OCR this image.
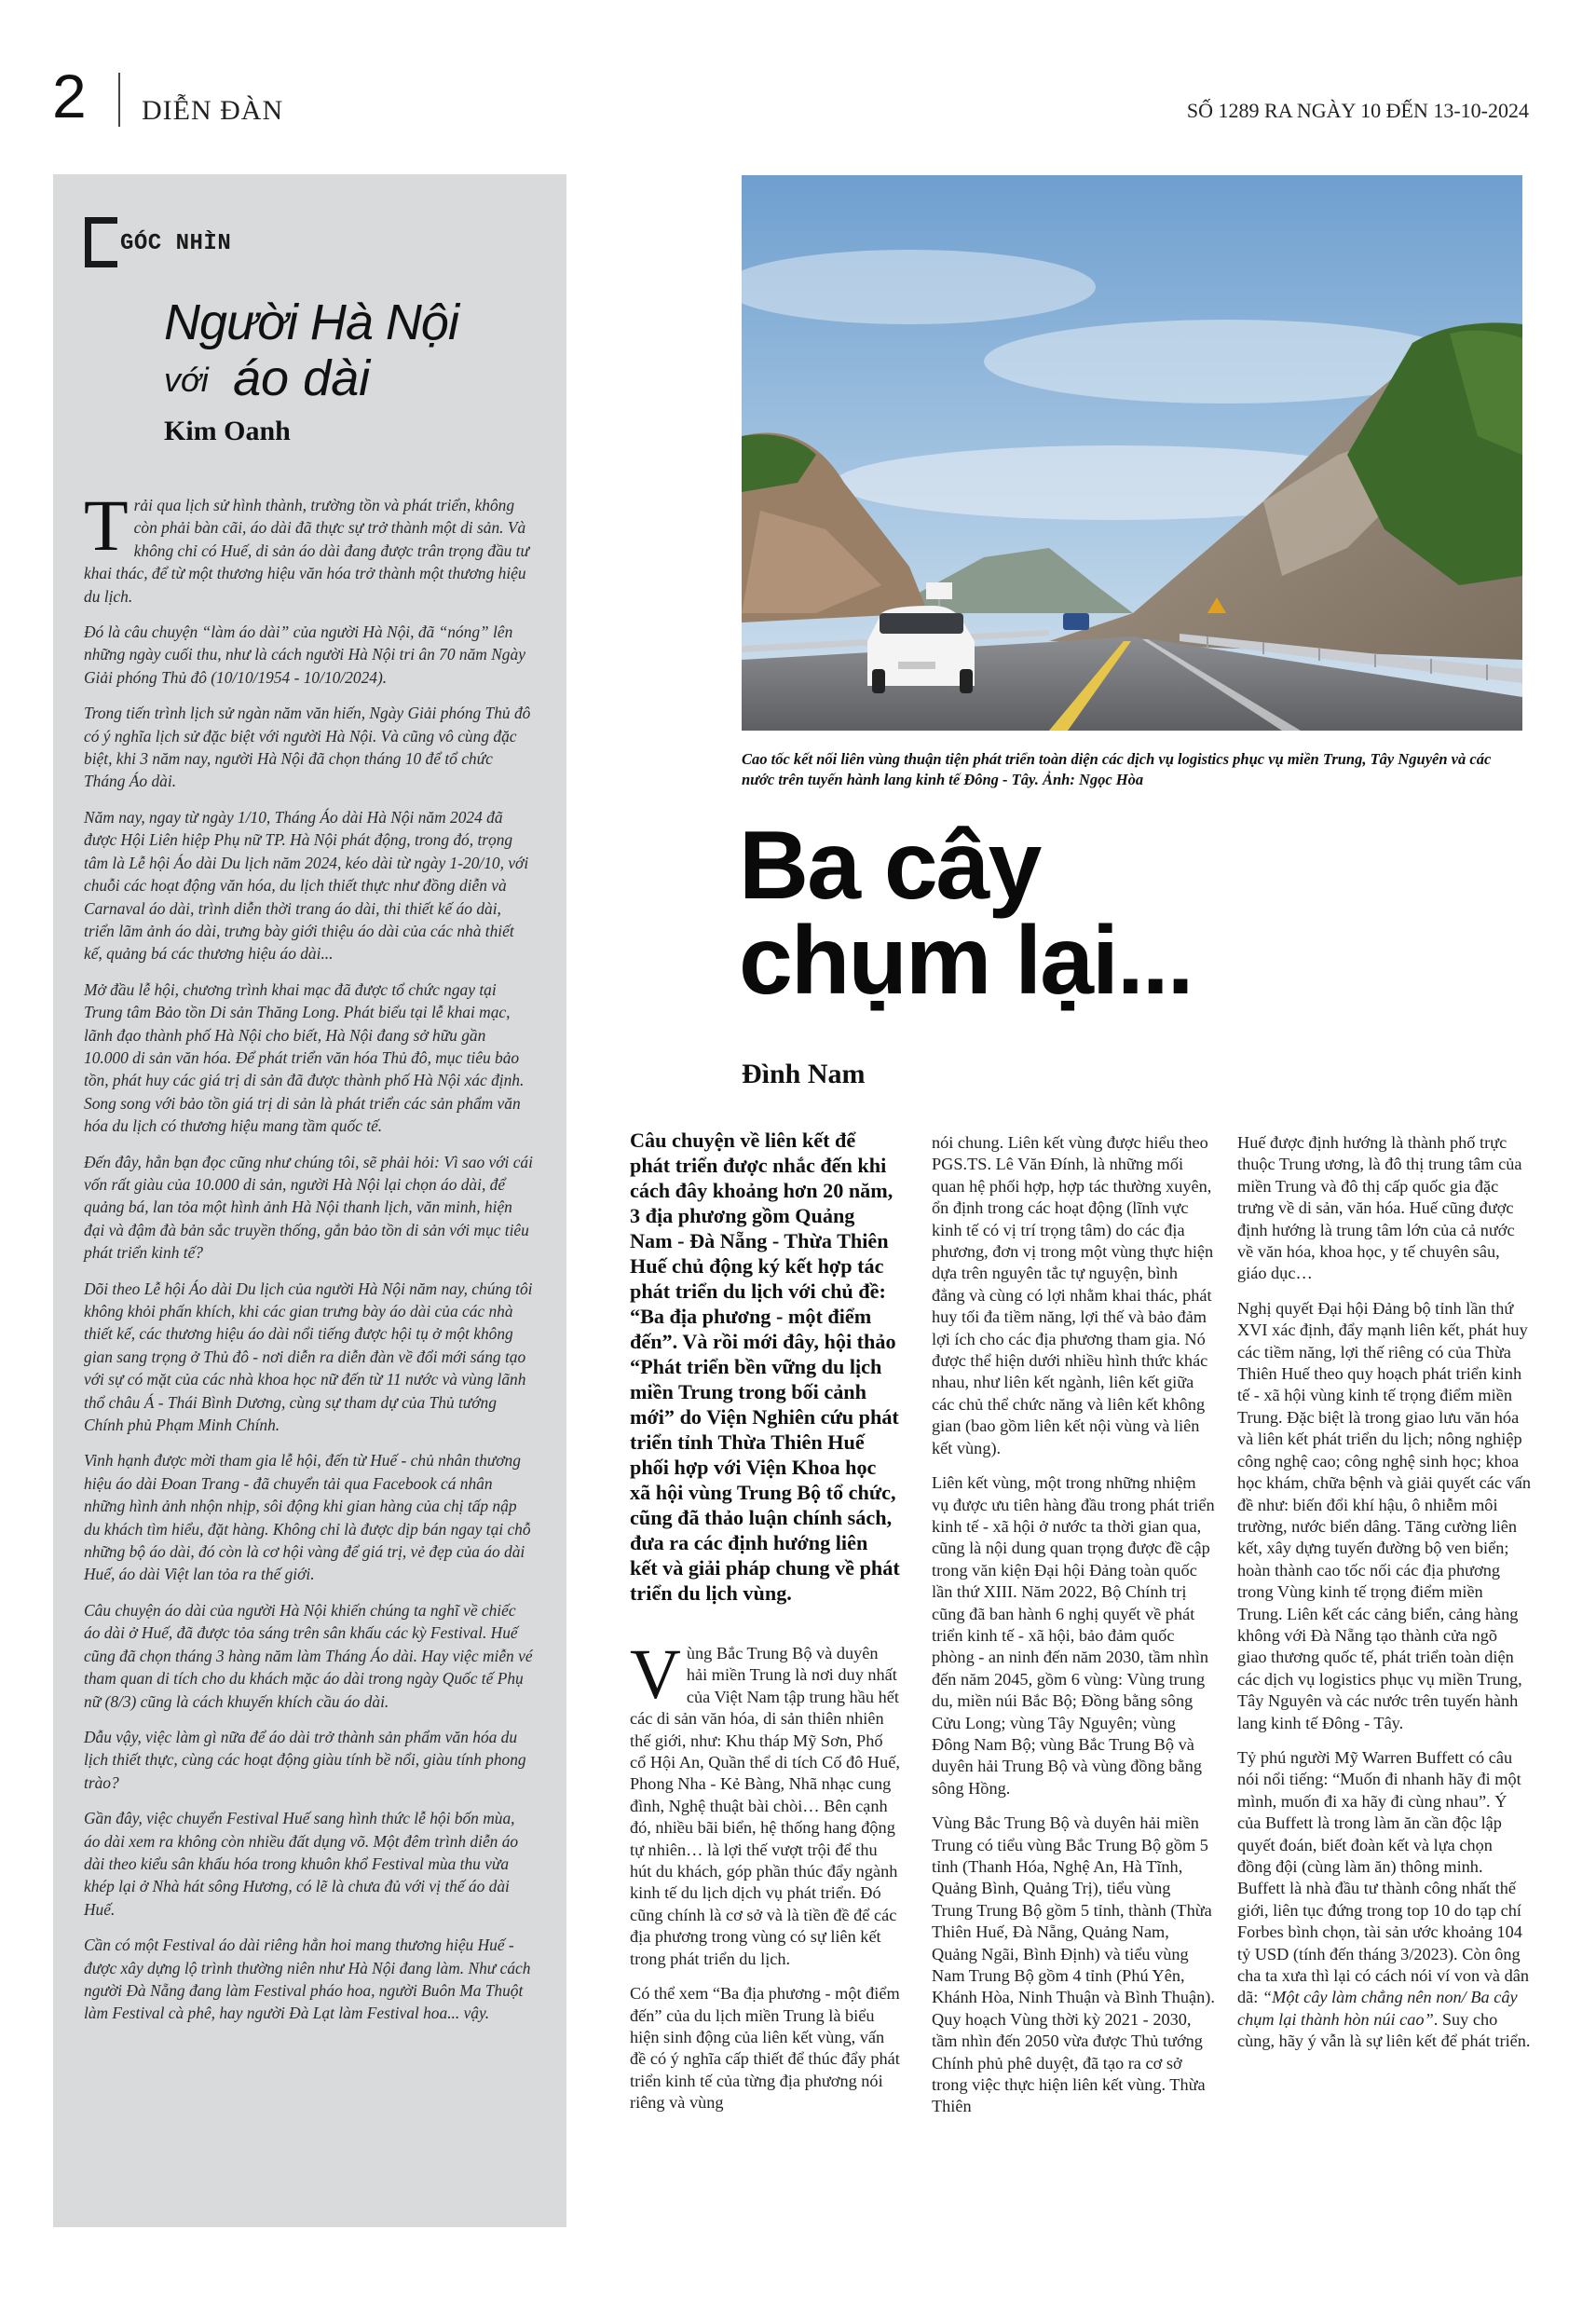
2 DIỄN ĐÀN	SỐ 1289 RA NGÀY 10 ĐẾN 13-10-2024
GÓC NHÌN
Người Hà Nội
với áo dài
Kim Oanh

Trải qua lịch sử hình thành, trường tồn và phát triển, không còn phải bàn cãi, áo dài đã thực sự trở thành một di sản. Và không chỉ có Huế, di sản áo dài đang được trân trọng đầu tư khai thác, để từ một thương hiệu văn hóa trở thành một thương hiệu du lịch.

Đó là câu chuyện “làm áo dài” của người Hà Nội, đã “nóng” lên những ngày cuối thu, như là cách người Hà Nội tri ân 70 năm Ngày Giải phóng Thủ đô (10/10/1954 - 10/10/2024).

Trong tiến trình lịch sử ngàn năm văn hiến, Ngày Giải phóng Thủ đô có ý nghĩa lịch sử đặc biệt với người Hà Nội. Và cũng vô cùng đặc biệt, khi 3 năm nay, người Hà Nội đã chọn tháng 10 để tổ chức Tháng Áo dài.

Năm nay, ngay từ ngày 1/10, Tháng Áo dài Hà Nội năm 2024 đã được Hội Liên hiệp Phụ nữ TP. Hà Nội phát động, trong đó, trọng tâm là Lễ hội Áo dài Du lịch năm 2024, kéo dài từ ngày 1-20/10, với chuỗi các hoạt động văn hóa, du lịch thiết thực như đồng diễn và Carnaval áo dài, trình diễn thời trang áo dài, thi thiết kế áo dài, triển lãm ảnh áo dài, trưng bày giới thiệu áo dài của các nhà thiết kế, quảng bá các thương hiệu áo dài...

Mở đầu lễ hội, chương trình khai mạc đã được tổ chức ngay tại Trung tâm Bảo tồn Di sản Thăng Long. Phát biểu tại lễ khai mạc, lãnh đạo thành phố Hà Nội cho biết, Hà Nội đang sở hữu gần 10.000 di sản văn hóa. Để phát triển văn hóa Thủ đô, mục tiêu bảo tồn, phát huy các giá trị di sản đã được thành phố Hà Nội xác định. Song song với bảo tồn giá trị di sản là phát triển các sản phẩm văn hóa du lịch có thương hiệu mang tầm quốc tế.

Đến đây, hẳn bạn đọc cũng như chúng tôi, sẽ phải hỏi: Vì sao với cái vốn rất giàu của 10.000 di sản, người Hà Nội lại chọn áo dài, để quảng bá, lan tỏa một hình ảnh Hà Nội thanh lịch, văn minh, hiện đại và đậm đà bản sắc truyền thống, gắn bảo tồn di sản với mục tiêu phát triển kinh tế?

Dõi theo Lễ hội Áo dài Du lịch của người Hà Nội năm nay, chúng tôi không khỏi phấn khích, khi các gian trưng bày áo dài của các nhà thiết kế, các thương hiệu áo dài nổi tiếng được hội tụ ở một không gian sang trọng ở Thủ đô - nơi diễn ra diễn đàn về đổi mới sáng tạo với sự có mặt của các nhà khoa học nữ đến từ 11 nước và vùng lãnh thổ châu Á - Thái Bình Dương, cùng sự tham dự của Thủ tướng Chính phủ Phạm Minh Chính.

Vinh hạnh được mời tham gia lễ hội, đến từ Huế - chủ nhân thương hiệu áo dài Đoan Trang - đã chuyển tải qua Facebook cá nhân những hình ảnh nhộn nhịp, sôi động khi gian hàng của chị tấp nập du khách tìm hiểu, đặt hàng. Không chỉ là được dịp bán ngay tại chỗ những bộ áo dài, đó còn là cơ hội vàng để giá trị, vẻ đẹp của áo dài Huế, áo dài Việt lan tỏa ra thế giới.

Câu chuyện áo dài của người Hà Nội khiến chúng ta nghĩ về chiếc áo dài ở Huế, đã được tỏa sáng trên sân khấu các kỳ Festival. Huế cũng đã chọn tháng 3 hàng năm làm Tháng Áo dài. Hay việc miễn vé tham quan di tích cho du khách mặc áo dài trong ngày Quốc tế Phụ nữ (8/3) cũng là cách khuyến khích cầu áo dài.

Dẫu vậy, việc làm gì nữa để áo dài trở thành sản phẩm văn hóa du lịch thiết thực, cùng các hoạt động giàu tính bề nổi, giàu tính phong trào?

Gần đây, việc chuyển Festival Huế sang hình thức lễ hội bốn mùa, áo dài xem ra không còn nhiều đất dụng võ. Một đêm trình diễn áo dài theo kiểu sân khấu hóa trong khuôn khổ Festival mùa thu vừa khép lại ở Nhà hát sông Hương, có lẽ là chưa đủ với vị thế áo dài Huế.

Cần có một Festival áo dài riêng hẳn hoi mang thương hiệu Huế - được xây dựng lộ trình thường niên như Hà Nội đang làm. Như cách người Đà Nẵng đang làm Festival pháo hoa, người Buôn Ma Thuột làm Festival cà phê, hay người Đà Lạt làm Festival hoa... vậy.

Cao tốc kết nối liên vùng thuận tiện phát triển toàn diện các dịch vụ logistics phục vụ miền Trung, Tây Nguyên và các nước trên tuyến hành lang kinh tế Đông - Tây. Ảnh: Ngọc Hòa
Ba cây
chụm lại...
Đình Nam

Câu chuyện về liên kết để phát triển được nhắc đến khi cách đây khoảng hơn 20 năm, 3 địa phương gồm Quảng Nam - Đà Nẵng - Thừa Thiên Huế chủ động ký kết hợp tác phát triển du lịch với chủ đề: “Ba địa phương - một điểm đến”. Và rồi mới đây, hội thảo “Phát triển bền vững du lịch miền Trung trong bối cảnh mới” do Viện Nghiên cứu phát triển tỉnh Thừa Thiên Huế phối hợp với Viện Khoa học xã hội vùng Trung Bộ tổ chức, cũng đã thảo luận chính sách, đưa ra các định hướng liên kết và giải pháp chung về phát triển du lịch vùng.

Vùng Bắc Trung Bộ và duyên hải miền Trung là nơi duy nhất của Việt Nam tập trung hầu hết các di sản văn hóa, di sản thiên nhiên thế giới, như: Khu tháp Mỹ Sơn, Phố cổ Hội An, Quần thể di tích Cố đô Huế, Phong Nha - Kẻ Bàng, Nhã nhạc cung đình, Nghệ thuật bài chòi… Bên cạnh đó, nhiều bãi biển, hệ thống hang động tự nhiên… là lợi thế vượt trội để thu hút du khách, góp phần thúc đẩy ngành kinh tế du lịch dịch vụ phát triển. Đó cũng chính là cơ sở và là tiền đề để các địa phương trong vùng có sự liên kết trong phát triển du lịch.

Có thể xem “Ba địa phương - một điểm đến” của du lịch miền Trung là biểu hiện sinh động của liên kết vùng, vấn đề có ý nghĩa cấp thiết để thúc đẩy phát triển kinh tế của từng địa phương nói riêng và vùng

nói chung. Liên kết vùng được hiểu theo PGS.TS. Lê Văn Đính, là những mối quan hệ phối hợp, hợp tác thường xuyên, ổn định trong các hoạt động (lĩnh vực kinh tế có vị trí trọng tâm) do các địa phương, đơn vị trong một vùng thực hiện dựa trên nguyên tắc tự nguyện, bình đẳng và cùng có lợi nhằm khai thác, phát huy tối đa tiềm năng, lợi thế và bảo đảm lợi ích cho các địa phương tham gia. Nó được thể hiện dưới nhiều hình thức khác nhau, như liên kết ngành, liên kết giữa các chủ thể chức năng và liên kết không gian (bao gồm liên kết nội vùng và liên kết vùng).

Liên kết vùng, một trong những nhiệm vụ được ưu tiên hàng đầu trong phát triển kinh tế - xã hội ở nước ta thời gian qua, cũng là nội dung quan trọng được đề cập trong văn kiện Đại hội Đảng toàn quốc lần thứ XIII. Năm 2022, Bộ Chính trị cũng đã ban hành 6 nghị quyết về phát triển kinh tế - xã hội, bảo đảm quốc phòng - an ninh đến năm 2030, tầm nhìn đến năm 2045, gồm 6 vùng: Vùng trung du, miền núi Bắc Bộ; Đồng bằng sông Cửu Long; vùng Tây Nguyên; vùng Đông Nam Bộ; vùng Bắc Trung Bộ và duyên hải Trung Bộ và vùng đồng bằng sông Hồng.

Vùng Bắc Trung Bộ và duyên hải miền Trung có tiểu vùng Bắc Trung Bộ gồm 5 tỉnh (Thanh Hóa, Nghệ An, Hà Tĩnh, Quảng Bình, Quảng Trị), tiểu vùng Trung Trung Bộ gồm 5 tỉnh, thành (Thừa Thiên Huế, Đà Nẵng, Quảng Nam, Quảng Ngãi, Bình Định) và tiểu vùng Nam Trung Bộ gồm 4 tỉnh (Phú Yên, Khánh Hòa, Ninh Thuận và Bình Thuận). Quy hoạch Vùng thời kỳ 2021 - 2030, tầm nhìn đến 2050 vừa được Thủ tướng Chính phủ phê duyệt, đã tạo ra cơ sở trong việc thực hiện liên kết vùng. Thừa Thiên

Huế được định hướng là thành phố trực thuộc Trung ương, là đô thị trung tâm của miền Trung và đô thị cấp quốc gia đặc trưng về di sản, văn hóa. Huế cũng được định hướng là trung tâm lớn của cả nước về văn hóa, khoa học, y tế chuyên sâu, giáo dục…

Nghị quyết Đại hội Đảng bộ tỉnh lần thứ XVI xác định, đẩy mạnh liên kết, phát huy các tiềm năng, lợi thế riêng có của Thừa Thiên Huế theo quy hoạch phát triển kinh tế - xã hội vùng kinh tế trọng điểm miền Trung. Đặc biệt là trong giao lưu văn hóa và liên kết phát triển du lịch; nông nghiệp công nghệ cao; công nghệ sinh học; khoa học khám, chữa bệnh và giải quyết các vấn đề như: biến đổi khí hậu, ô nhiễm môi trường, nước biển dâng. Tăng cường liên kết, xây dựng tuyến đường bộ ven biển; hoàn thành cao tốc nối các địa phương trong Vùng kinh tế trọng điểm miền Trung. Liên kết các cảng biển, cảng hàng không với Đà Nẵng tạo thành cửa ngõ giao thương quốc tế, phát triển toàn diện các dịch vụ logistics phục vụ miền Trung, Tây Nguyên và các nước trên tuyến hành lang kinh tế Đông - Tây.

Tỷ phú người Mỹ Warren Buffett có câu nói nổi tiếng: “Muốn đi nhanh hãy đi một mình, muốn đi xa hãy đi cùng nhau”. Ý của Buffett là trong làm ăn cần độc lập quyết đoán, biết đoàn kết và lựa chọn đồng đội (cùng làm ăn) thông minh. Buffett là nhà đầu tư thành công nhất thế giới, liên tục đứng trong top 10 do tạp chí Forbes bình chọn, tài sản ước khoảng 104 tỷ USD (tính đến tháng 3/2023). Còn ông cha ta xưa thì lại có cách nói ví von và dân dã: “Một cây làm chẳng nên non/ Ba cây chụm lại thành hòn núi cao”. Suy cho cùng, hãy ý vẫn là sự liên kết để phát triển.
